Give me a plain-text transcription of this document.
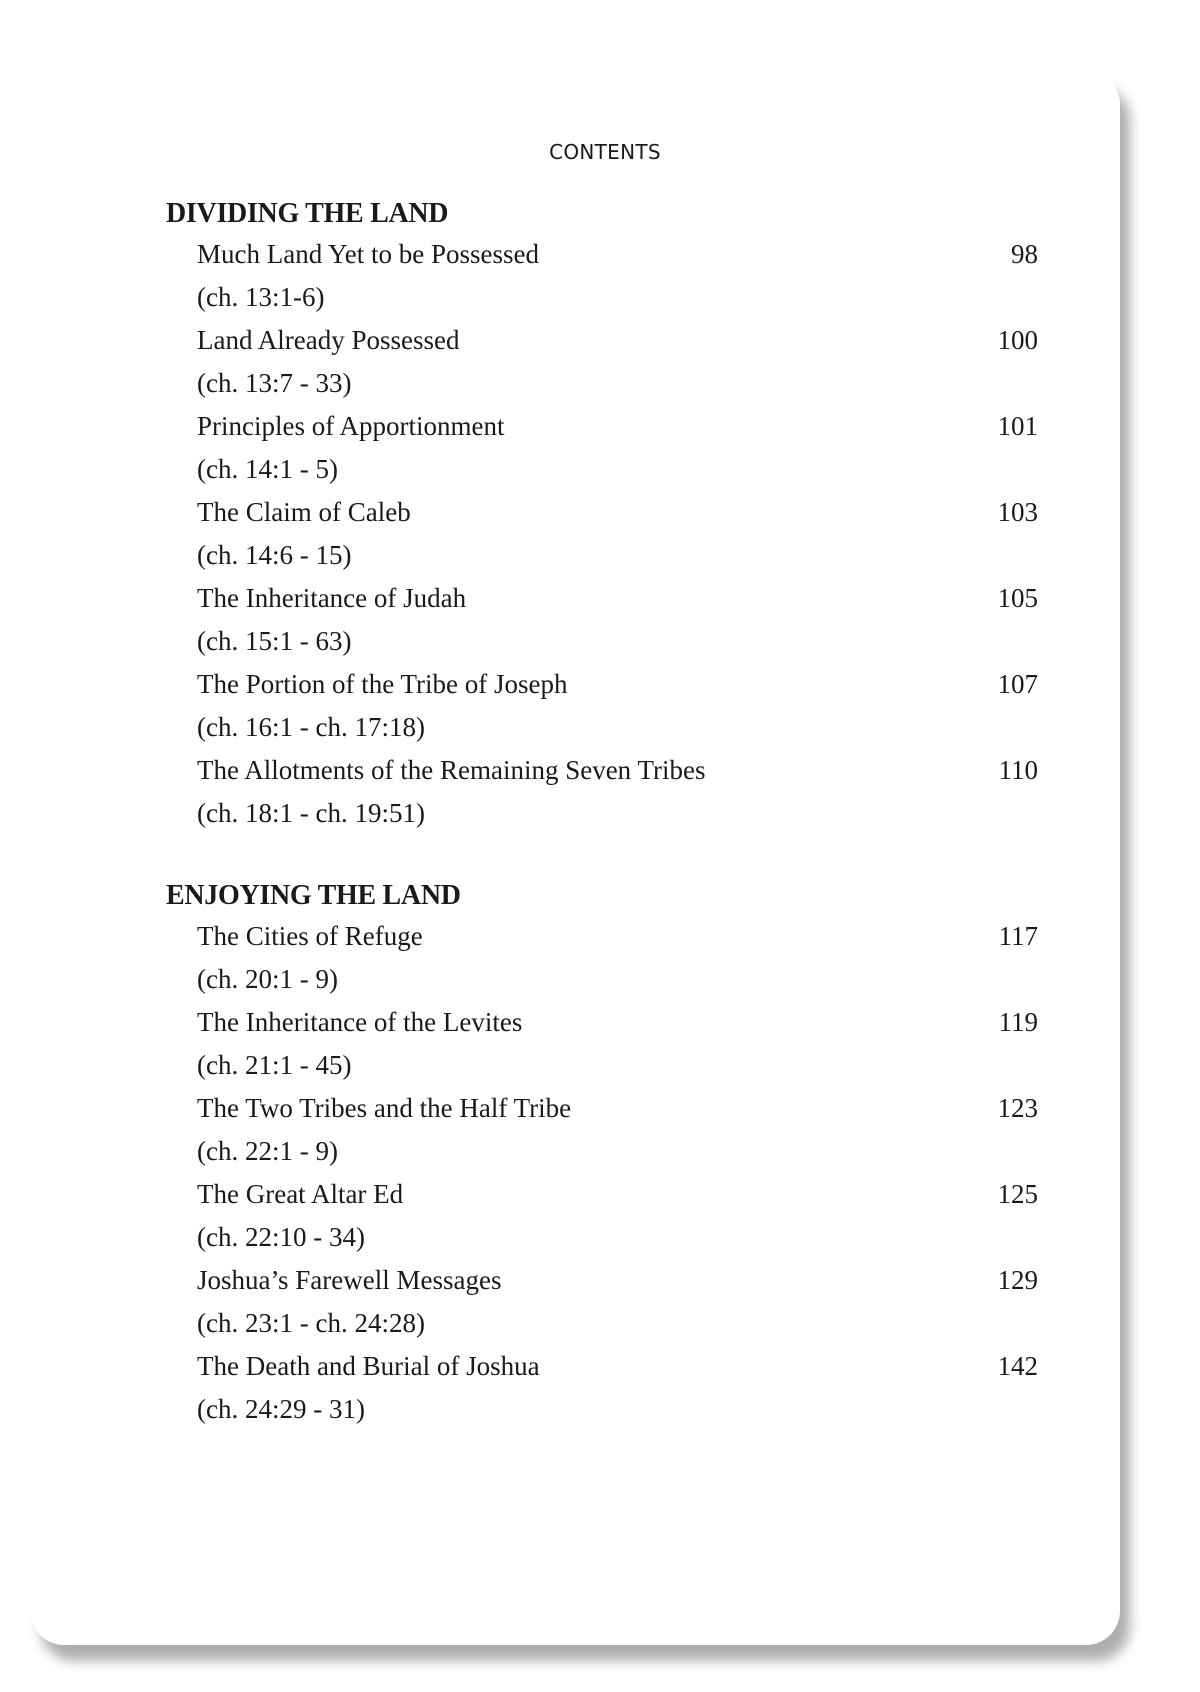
CONTENTS
DIVIDING THE LAND
Much Land Yet to be Possessed	98
(ch. 13:1-6)
Land Already Possessed	100
(ch. 13:7 - 33)
Principles of Apportionment	101
(ch. 14:1 - 5)
The Claim of Caleb	103
(ch. 14:6 - 15)
The Inheritance of Judah	105
(ch. 15:1 - 63)
The Portion of the Tribe of Joseph	107
(ch. 16:1 - ch. 17:18)
The Allotments of the Remaining Seven Tribes	110
(ch. 18:1 - ch. 19:51)
ENJOYING THE LAND
The Cities of Refuge	117
(ch. 20:1 - 9)
The Inheritance of the Levites	119
(ch. 21:1 - 45)
The Two Tribes and the Half Tribe	123
(ch. 22:1 - 9)
The Great Altar Ed	125
(ch. 22:10 - 34)
Joshua’s Farewell Messages	129
(ch. 23:1 - ch. 24:28)
The Death and Burial of Joshua	142
(ch. 24:29 - 31)
